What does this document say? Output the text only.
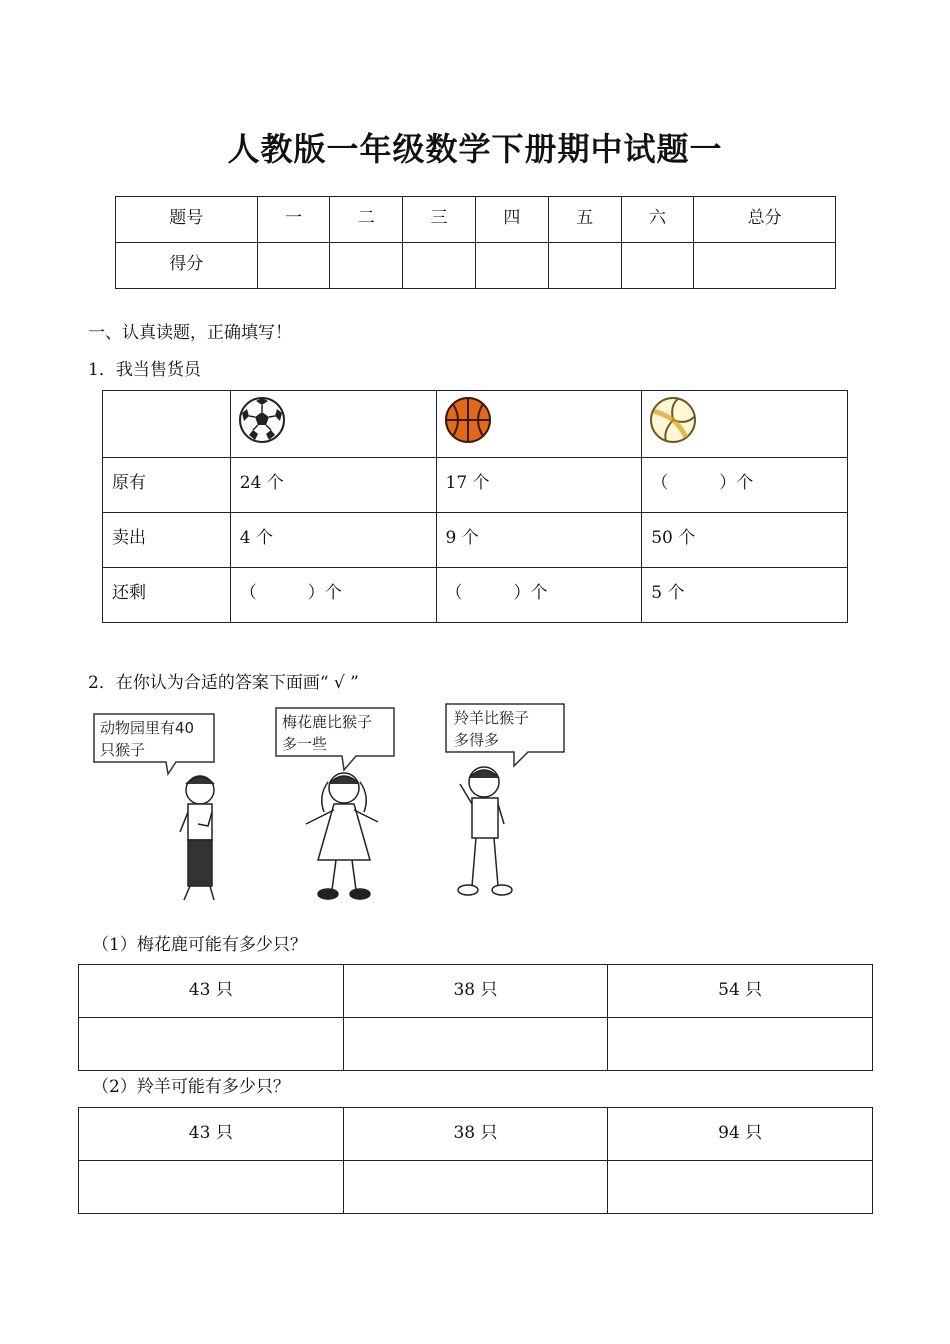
人教版一年级数学下册期中试题一
题号	一	二	三	四	五	六	总分
得分							
一、认真读题，正确填写！
1．我当售货员

原有	24 个	17 个	（　　　）个
卖出	4 个	9 个	50 个
还剩	（　　　）个	（　　　）个	5 个
2．在你认为合适的答案下面画“ √ ”
动物园里有40
只猴子
梅花鹿比猴子
多一些
羚羊比猴子
多得多
（1）梅花鹿可能有多少只？
43 只	38 只	54 只

（2）羚羊可能有多少只？
43 只	38 只	94 只
